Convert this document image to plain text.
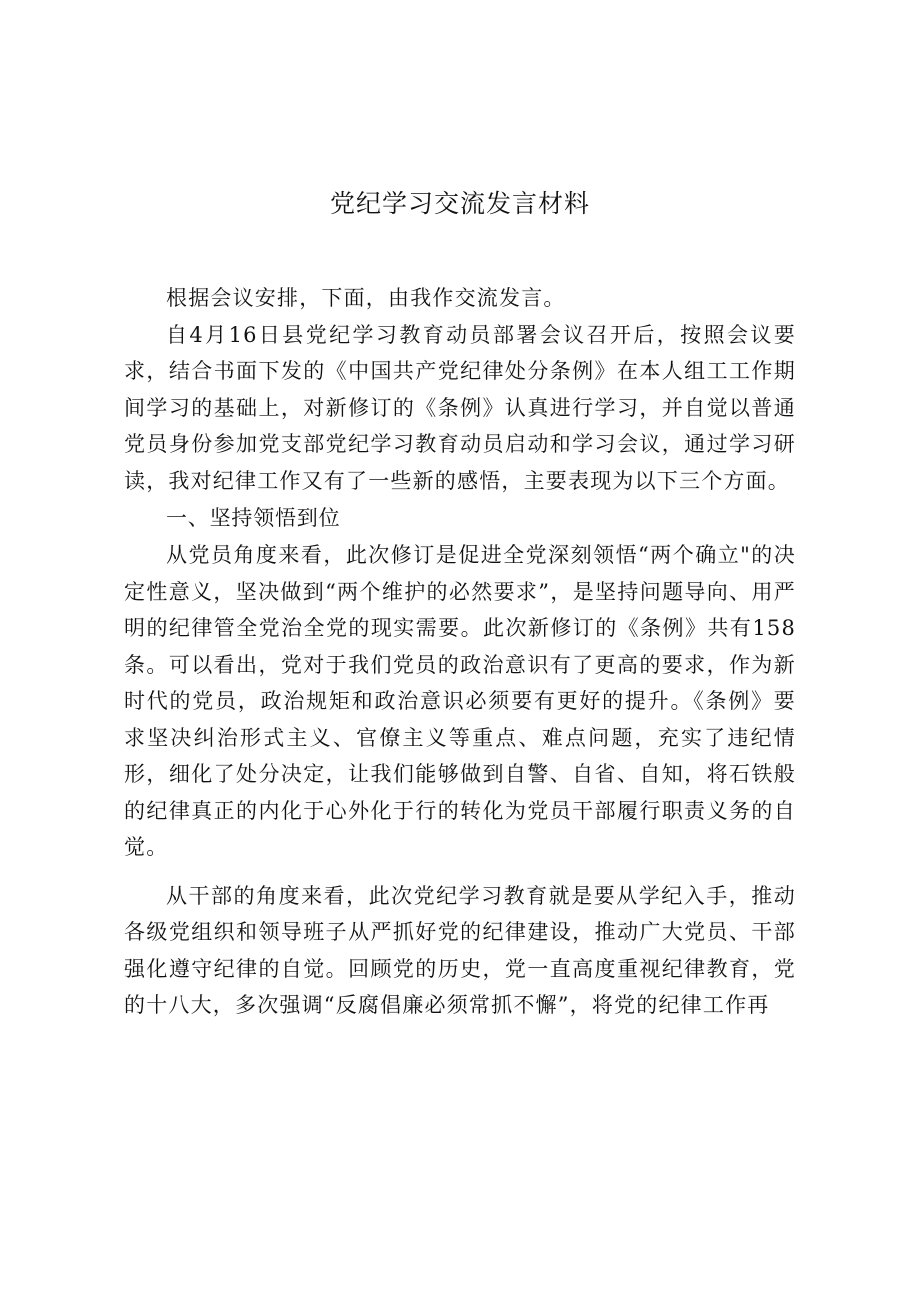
党纪学习交流发言材料

根据会议安排，下面，由我作交流发言。

自4月16日县党纪学习教育动员部署会议召开后，按照会议要求，结合书面下发的《中国共产党纪律处分条例》在本人组工工作期间学习的基础上，对新修订的《条例》认真进行学习，并自觉以普通党员身份参加党支部党纪学习教育动员启动和学习会议，通过学习研读，我对纪律工作又有了一些新的感悟，主要表现为以下三个方面。

一、坚持领悟到位

从党员角度来看，此次修订是促进全党深刻领悟“两个确立"的决定性意义，坚决做到“两个维护的必然要求”，是坚持问题导向、用严明的纪律管全党治全党的现实需要。此次新修订的《条例》共有158条。可以看出，党对于我们党员的政治意识有了更高的要求，作为新时代的党员，政治规矩和政治意识必须要有更好的提升。《条例》要求坚决纠治形式主义、官僚主义等重点、难点问题，充实了违纪情形，细化了处分决定，让我们能够做到自警、自省、自知，将石铁般的纪律真正的内化于心外化于行的转化为党员干部履行职责义务的自觉。

从干部的角度来看，此次党纪学习教育就是要从学纪入手，推动各级党组织和领导班子从严抓好党的纪律建设，推动广大党员、干部强化遵守纪律的自觉。回顾党的历史，党一直高度重视纪律教育，党的十八大，多次强调“反腐倡廉必须常抓不懈”，将党的纪律工作再
